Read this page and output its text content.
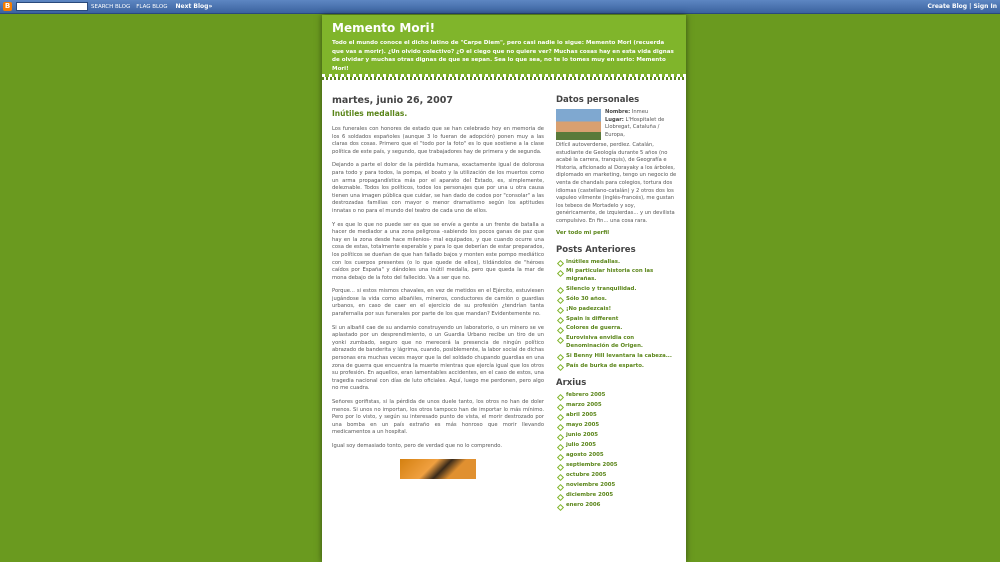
B	SEARCH BLOG FLAG BLOG Next Blog»	Create Blog | Sign In
Memento Mori!

Todo el mundo conoce el dicho latino de "Carpe Diem", pero casi nadie lo sigue: Memento Mori (recuerda que vas a morir). ¿Un olvido colectivo? ¿O el ciego que no quiere ver? Muchas cosas hay en esta vida dignas de olvidar y muchas otras dignas de que se sepan. Sea lo que sea, no te lo tomes muy en serio: Memento Mori!

martes, junio 26, 2007
Inútiles medallas.

Los funerales con honores de estado que se han celebrado hoy en memoria de los 6 soldados españoles (aunque 3 lo fueran de adopción) ponen muy a las claras dos cosas. Primero que el "todo por la foto" es lo que sostiene a la clase política de este país, y segundo, que trabajadores hay de primera y de segunda.

Dejando a parte el dolor de la pérdida humana, exactamente igual de dolorosa para todo y para todos, la pompa, el boato y la utilización de los muertos como un arma propagandística más por el aparato del Estado, es, simplemente, deleznable. Todos los políticos, todos los personajes que por una u otra causa tienen una imagen pública que cuidar, se han dado de codos por "consolar" a las destrozadas familias con mayor o menor dramatismo según los aptitudes innatas o no para el mundo del teatro de cada uno de ellos.

Y es que lo que no puede ser es que se envíe a gente a un frente de batalla a hacer de mediador a una zona peligrosa -sabiendo los pocos ganas de paz que hay en la zona desde hace milenios- mal equipados, y que cuando ocurre una cosa de estas, totalmente esperable y para lo que deberían de estar preparados, los políticos se dueñan de que han fallado bajos y monten este pompo mediático con los cuerpos presentes (o lo que quede de ellos), tildándolos de "héroes caídos por España" y dándoles una inútil medalla, pero que queda la mar de mona debajo de la foto del fallecido. Va a ser que no.

Porque... si estos mismos chavales, en vez de metidos en el Ejército, estuviesen jugándose la vida como albañiles, mineros, conductores de camión o guardias urbanos, en caso de caer en el ejercicio de su profesión ¿tendrían tanta parafernalia por sus funerales por parte de los que mandan? Evidentemente no.

Si un albañil cae de su andamio construyendo un laboratorio, o un minero se ve aplastado por un desprendimiento, o un Guardia Urbano recibe un tiro de un yonki zumbado, seguro que no merecerá la presencia de ningún político abrazado de banderita y lágrima, cuando, posiblemente, la labor social de dichas personas era muchas veces mayor que la del soldado chupando guardias en una zona de guerra que encuentra la muerte mientras que ejercía igual que los otros su profesión. En aquellos, eran lamentables accidentes, en el caso de estos, una tragedia nacional con días de luto oficiales. Aquí, luego me perdonen, pero algo no me cuadra.

Señores gorifistas, si la pérdida de unos duele tanto, los otros no han de doler menos. Si unos no importan, los otros tampoco han de importar lo más mínimo. Pero por lo visto, y según su interesado punto de vista, el morir destrozado por una bomba en un país extraño es más honroso que morir llevando medicamentos a un hospital.

Igual soy demasiado tonto, pero de verdad que no lo comprendo.

Datos personales
Nombre: Inmeu
Lugar: L'Hospitalet de Llobregat, Cataluña / Europa,

Difícil autoverderse, perdiez. Catalán, estudiante de Geología durante 5 años (no acabé la carrera, tranquis), de Geografía e Historia, aficionado al Dorayaky a los árboles, diplomado en marketing, tengo un negocio de venta de chandals para colegios, tortura dos idiomas (castellano-catalán) y 2 otros dos los vapuleo vilmente (inglés-francés), me gustan los tebeos de Mortadelo y soy, genéricamente, de izquierdas... y un devilista compulsivo. En fin... una cosa rara.

Ver todo mi perfil

Posts Anteriores
Inútiles medallas.
Mi particular historia con las migrañas.
Silencio y tranquilidad.
Sólo 30 años.
¡No padezcais!
Spain is different
Colores de guerra.
Eurovisiva envidia con Denominación de Origen.
Si Benny Hill levantara la cabeza...
País de burka de esparto.
Arxius
febrero 2005
marzo 2005
abril 2005
mayo 2005
junio 2005
julio 2005
agosto 2005
septiembre 2005
octubre 2005
noviembre 2005
diciembre 2005
enero 2006
